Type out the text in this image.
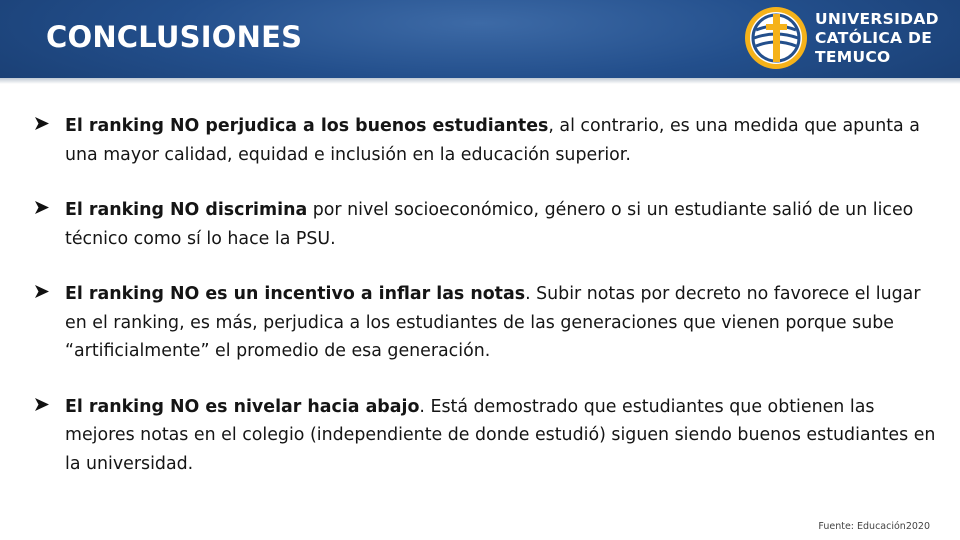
CONCLUSIONES
UNIVERSIDAD
CATÓLICA DE
TEMUCO
El ranking NO perjudica a los buenos estudiantes, al contrario, es una medida que apunta a una mayor calidad, equidad e inclusión en la educación superior.
El ranking NO discrimina por nivel socioeconómico, género o si un estudiante salió de un liceo técnico como sí lo hace la PSU.
El ranking NO es un incentivo a inflar las notas. Subir notas por decreto no favorece el lugar en el ranking, es más, perjudica a los estudiantes de las generaciones que vienen porque sube “artificialmente” el promedio de esa generación.
El ranking NO es nivelar hacia abajo. Está demostrado que estudiantes que obtienen las mejores notas en el colegio (independiente de donde estudió) siguen siendo buenos estudiantes en la universidad.
Fuente: Educación2020
